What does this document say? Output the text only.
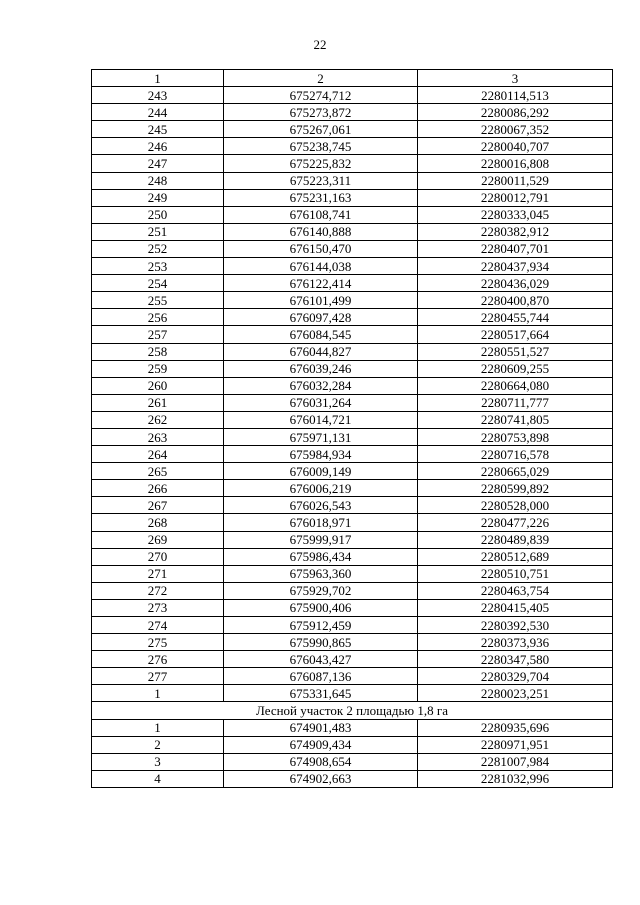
22
1	2	3
243	675274,712	2280114,513
244	675273,872	2280086,292
245	675267,061	2280067,352
246	675238,745	2280040,707
247	675225,832	2280016,808
248	675223,311	2280011,529
249	675231,163	2280012,791
250	676108,741	2280333,045
251	676140,888	2280382,912
252	676150,470	2280407,701
253	676144,038	2280437,934
254	676122,414	2280436,029
255	676101,499	2280400,870
256	676097,428	2280455,744
257	676084,545	2280517,664
258	676044,827	2280551,527
259	676039,246	2280609,255
260	676032,284	2280664,080
261	676031,264	2280711,777
262	676014,721	2280741,805
263	675971,131	2280753,898
264	675984,934	2280716,578
265	676009,149	2280665,029
266	676006,219	2280599,892
267	676026,543	2280528,000
268	676018,971	2280477,226
269	675999,917	2280489,839
270	675986,434	2280512,689
271	675963,360	2280510,751
272	675929,702	2280463,754
273	675900,406	2280415,405
274	675912,459	2280392,530
275	675990,865	2280373,936
276	676043,427	2280347,580
277	676087,136	2280329,704
1	675331,645	2280023,251
Лесной участок 2 площадью 1,8 га		
1	674901,483	2280935,696
2	674909,434	2280971,951
3	674908,654	2281007,984
4	674902,663	2281032,996
